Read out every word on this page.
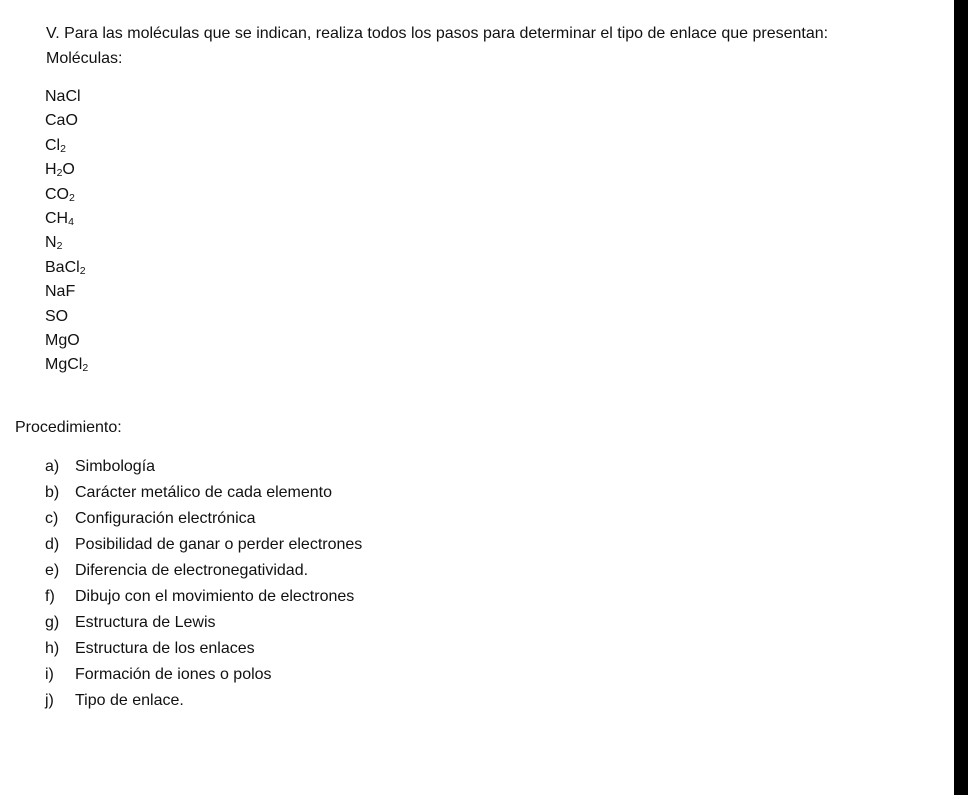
V. Para las moléculas que se indican, realiza todos los pasos para determinar el tipo de enlace que presentan:
Moléculas:
NaCl
CaO
$Cl_2$
$H_2O$
$CO_2$
$CH_4$
$N_2$
BaCl$_2$
NaF
SO
MgO
MgCl$_2$
Procedimiento:
a) Simbología
b) Carácter metálico de cada elemento
c) Configuración electrónica
d) Posibilidad de ganar o perder electrones
e) Diferencia de electronegatividad.
f) Dibujo con el movimiento de electrones
g) Estructura de Lewis
h) Estructura de los enlaces
i) Formación de iones o polos
j) Tipo de enlace.
